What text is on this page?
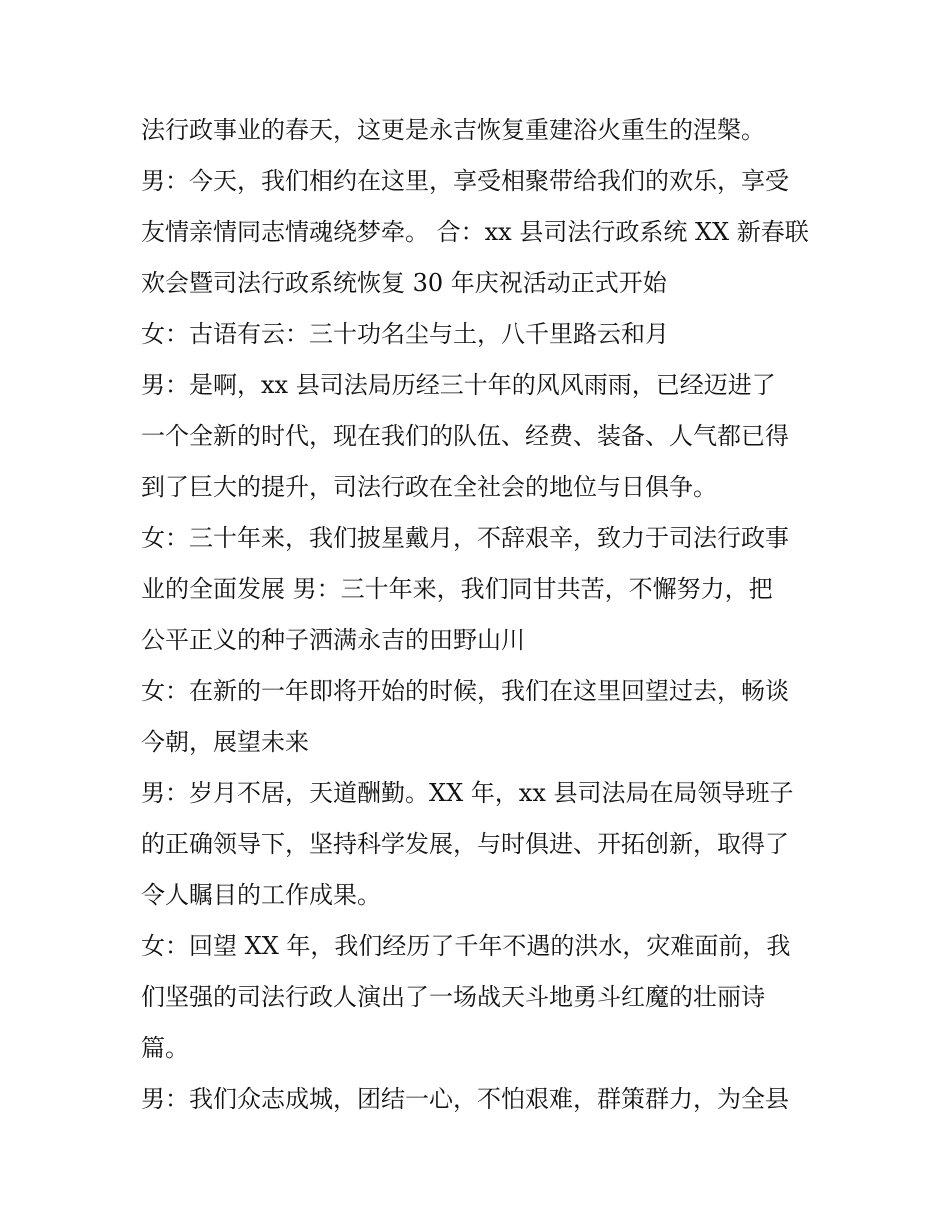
法行政事业的春天，这更是永吉恢复重建浴火重生的涅槃。
男：今天，我们相约在这里，享受相聚带给我们的欢乐，享受
友情亲情同志情魂绕梦牵。 合：xx 县司法行政系统 XX 新春联
欢会暨司法行政系统恢复 30 年庆祝活动正式开始
女：古语有云：三十功名尘与土，八千里路云和月
男：是啊，xx 县司法局历经三十年的风风雨雨，已经迈进了
一个全新的时代，现在我们的队伍、经费、装备、人气都已得
到了巨大的提升，司法行政在全社会的地位与日俱争。
女：三十年来，我们披星戴月，不辞艰辛，致力于司法行政事
业的全面发展 男：三十年来，我们同甘共苦，不懈努力，把
公平正义的种子洒满永吉的田野山川
女：在新的一年即将开始的时候，我们在这里回望过去，畅谈
今朝，展望未来
男：岁月不居，天道酬勤。XX 年，xx 县司法局在局领导班子
的正确领导下，坚持科学发展，与时俱进、开拓创新，取得了
令人瞩目的工作成果。
女：回望 XX 年，我们经历了千年不遇的洪水，灾难面前，我
们坚强的司法行政人演出了一场战天斗地勇斗红魔的壮丽诗
篇。
男：我们众志成城，团结一心，不怕艰难，群策群力，为全县
